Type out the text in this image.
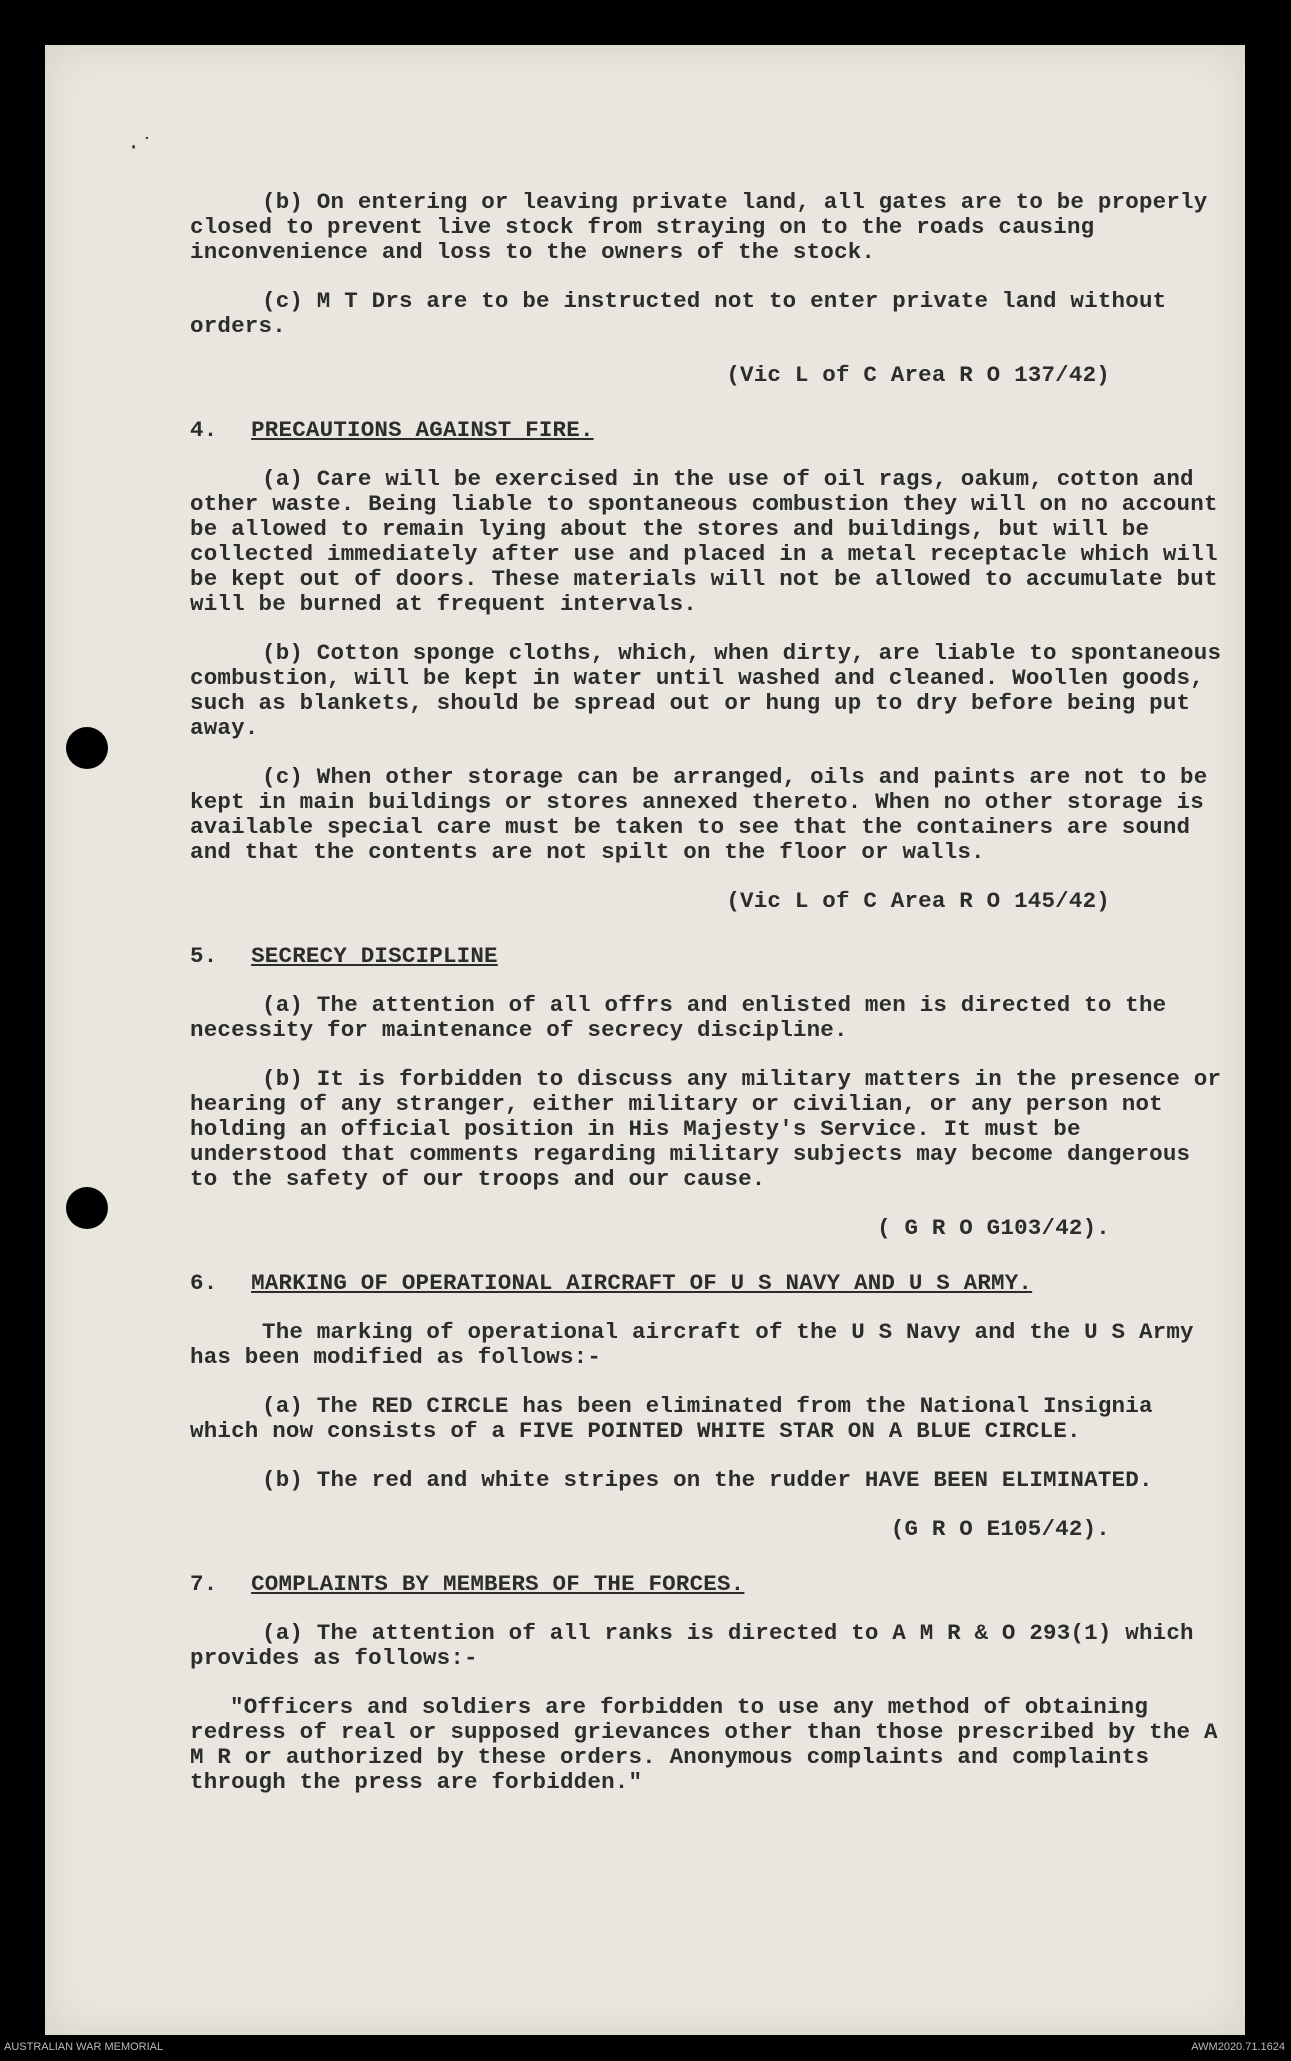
·˙

(b) On entering or leaving private land, all gates are to be properly closed to prevent live stock from straying on to the roads causing inconvenience and loss to the owners of the stock.

(c) M T Drs are to be instructed not to enter private land without orders.

(Vic L of C Area R O 137/42)
4. PRECAUTIONS AGAINST FIRE.

(a) Care will be exercised in the use of oil rags, oakum, cotton and other waste. Being liable to spontaneous combustion they will on no account be allowed to remain lying about the stores and buildings, but will be collected immediately after use and placed in a metal receptacle which will be kept out of doors. These materials will not be allowed to accumulate but will be burned at frequent intervals.

(b) Cotton sponge cloths, which, when dirty, are liable to spontaneous combustion, will be kept in water until washed and cleaned. Woollen goods, such as blankets, should be spread out or hung up to dry before being put away.

(c) When other storage can be arranged, oils and paints are not to be kept in main buildings or stores annexed thereto. When no other storage is available special care must be taken to see that the containers are sound and that the contents are not spilt on the floor or walls.

(Vic L of C Area R O 145/42)
5. SECRECY DISCIPLINE

(a) The attention of all offrs and enlisted men is directed to the necessity for maintenance of secrecy discipline.

(b) It is forbidden to discuss any military matters in the presence or hearing of any stranger, either military or civilian, or any person not holding an official position in His Majesty's Service. It must be understood that comments regarding military subjects may become dangerous to the safety of our troops and our cause.

( G R O G103/42).
6. MARKING OF OPERATIONAL AIRCRAFT OF U S NAVY AND U S ARMY.

The marking of operational aircraft of the U S Navy and the U S Army has been modified as follows:-

(a) The RED CIRCLE has been eliminated from the National Insignia which now consists of a FIVE POINTED WHITE STAR ON A BLUE CIRCLE.

(b) The red and white stripes on the rudder HAVE BEEN ELIMINATED.

(G R O E105/42).
7. COMPLAINTS BY MEMBERS OF THE FORCES.

(a) The attention of all ranks is directed to A M R & O 293(1) which provides as follows:-

"Officers and soldiers are forbidden to use any method of obtaining redress of real or supposed grievances other than those prescribed by the A M R or authorized by these orders. Anonymous complaints and complaints through the press are forbidden."

AUSTRALIAN WAR MEMORIAL	AWM2020.71.1624
